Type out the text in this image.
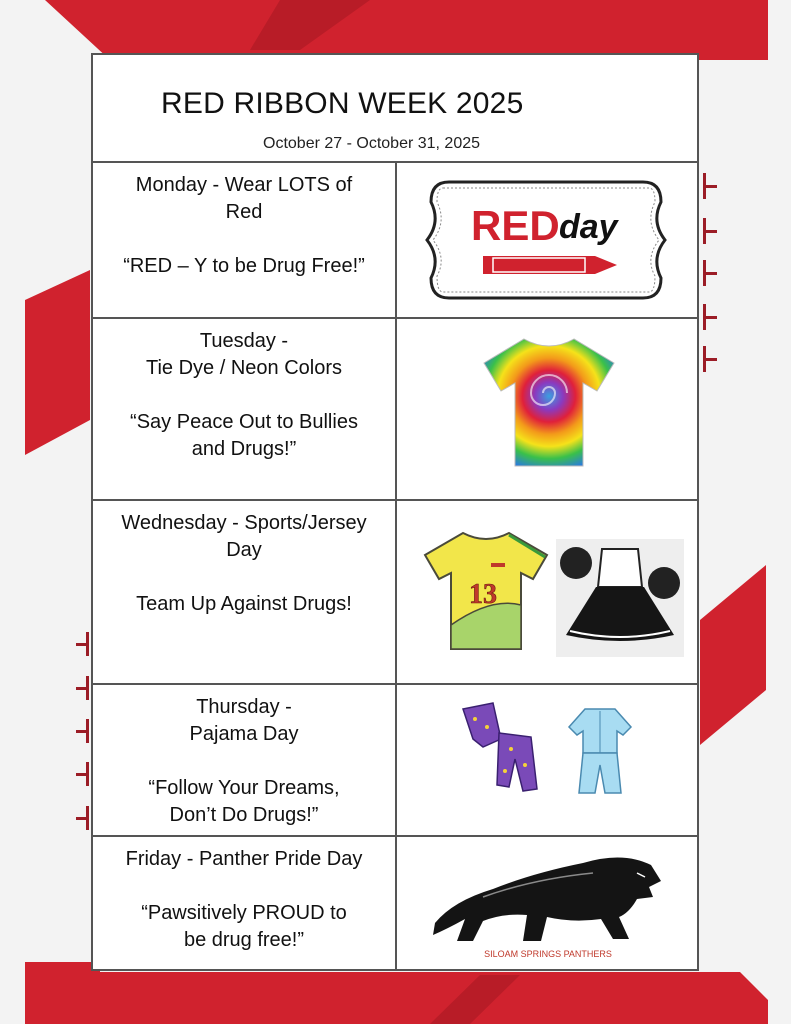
RED RIBBON WEEK 2025
October 27 - October 31, 2025
Monday - Wear LOTS of
Red
“RED – Y to be Drug Free!”
RED day
Tuesday -
Tie Dye / Neon Colors
“Say Peace Out to Bullies
and Drugs!”
Wednesday - Sports/Jersey
Day
Team Up Against Drugs!	13
Thursday -
Pajama Day
“Follow Your Dreams,
Don’t Do Drugs!”
Friday - Panther Pride Day
“Pawsitively PROUD to
be drug free!”
SILOAM SPRINGS PANTHERS
